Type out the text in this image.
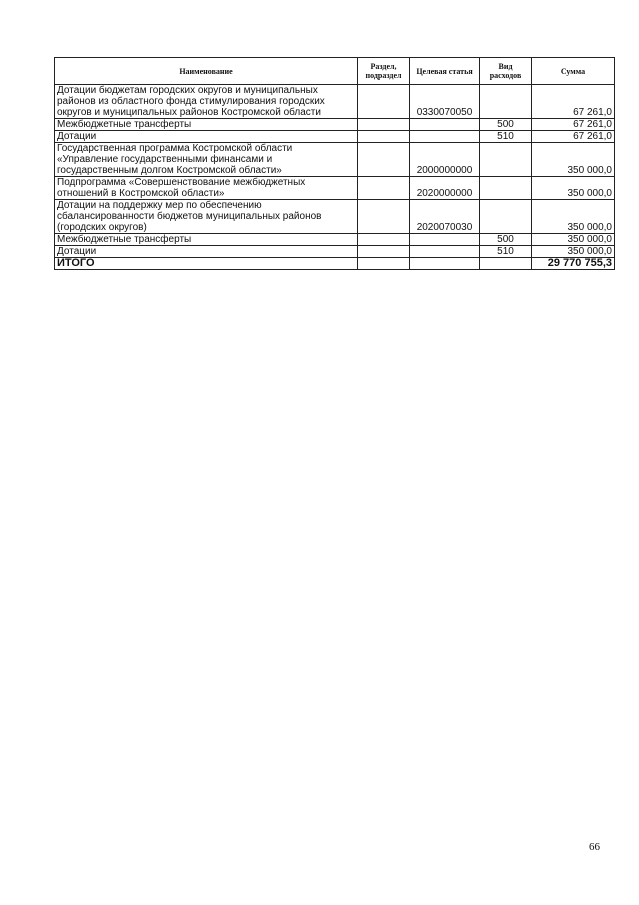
Наименование	Раздел, подраздел	Целевая статья	Вид расходов	Сумма
Дотации бюджетам городских округов и муниципальных районов из областного фонда стимулирования городских округов и муниципальных районов Костромской области		0330070050		67 261,0
Межбюджетные трансферты			500	67 261,0
Дотации			510	67 261,0
Государственная программа Костромской области «Управление государственными финансами и государственным долгом Костромской области»		2000000000		350 000,0
Подпрограмма «Совершенствование межбюджетных отношений в Костромской области»		2020000000		350 000,0
Дотации на поддержку мер по обеспечению сбалансированности бюджетов муниципальных районов (городских округов)		2020070030		350 000,0
Межбюджетные трансферты			500	350 000,0
Дотации			510	350 000,0
ИТОГО				29 770 755,3
66
